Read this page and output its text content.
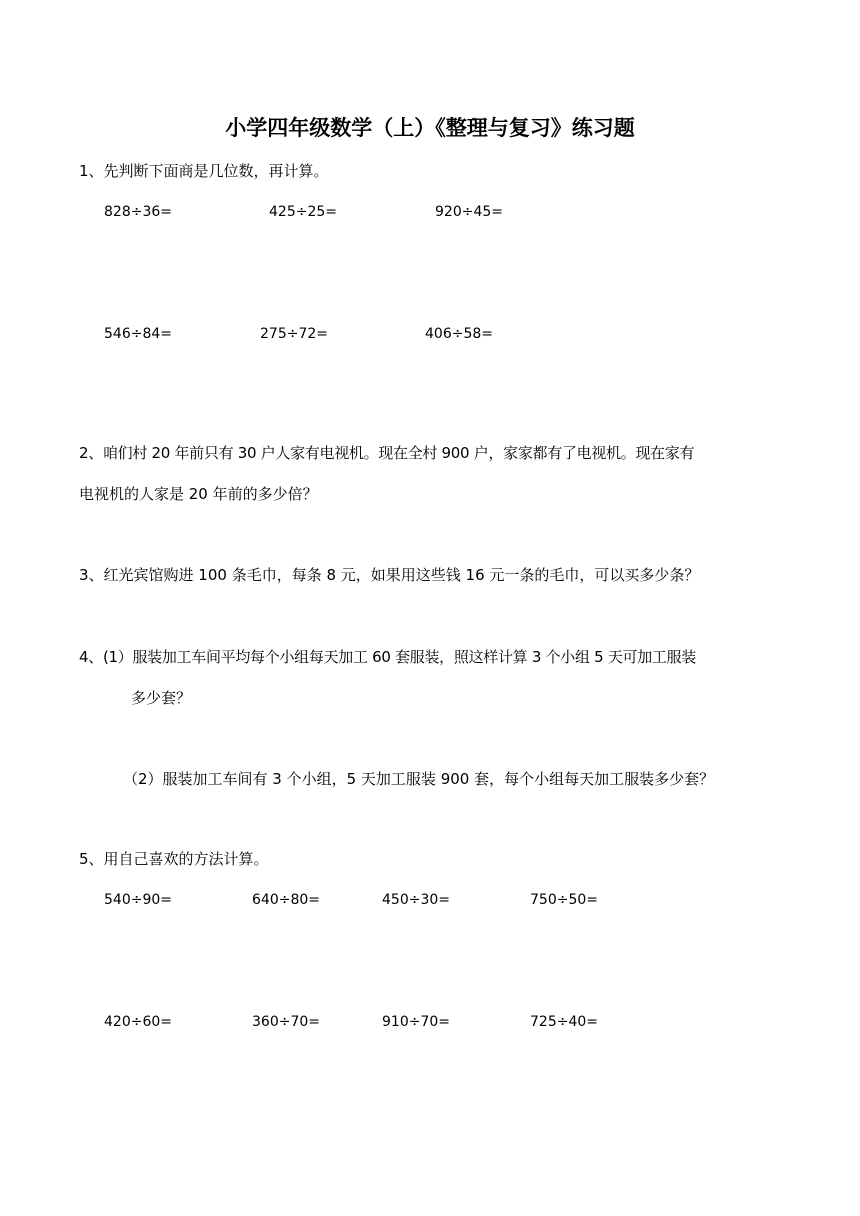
小学四年级数学（上）《整理与复习》练习题
1、先判断下面商是几位数，再计算。
828÷36=	425÷25=	920÷45=
546÷84=	275÷72=	406÷58=
2、咱们村 20 年前只有 30 户人家有电视机。现在全村 900 户，家家都有了电视机。现在家有
电视机的人家是 20 年前的多少倍？
3、红光宾馆购进 100 条毛巾，每条 8 元，如果用这些钱 16 元一条的毛巾，可以买多少条？
4、(1）服装加工车间平均每个小组每天加工 60 套服装，照这样计算 3 个小组 5 天可加工服装
多少套？
（2）服装加工车间有 3 个小组，5 天加工服装 900 套，每个小组每天加工服装多少套？
5、用自己喜欢的方法计算。
540÷90=	640÷80=	450÷30=	750÷50=
420÷60=	360÷70=	910÷70=	725÷40=
